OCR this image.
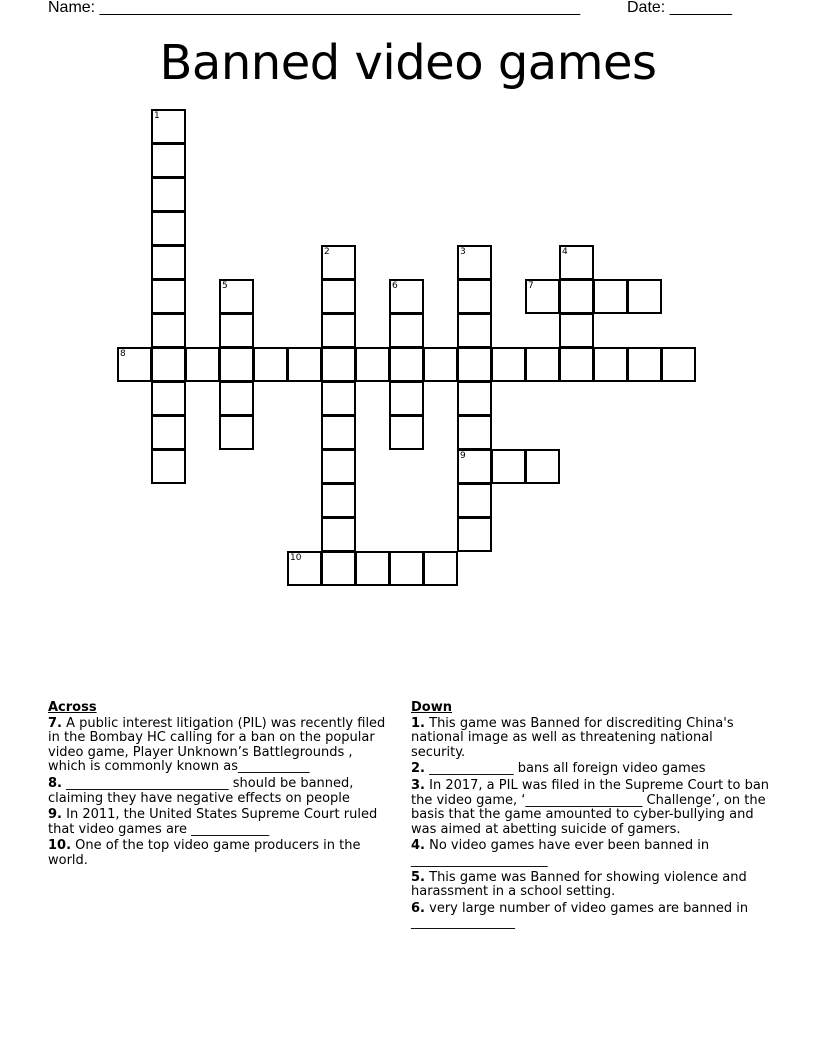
Name: ______________________________________________________	Date: _______
Banned video games
1
5
2
6
3
9
4
7
8
10
Across
7. A public interest litigation (PIL) was recently filed in the Bombay HC calling for a ban on the popular video game, Player Unknown’s Battlegrounds , which is commonly known as___________
8. _________________________ should be banned, claiming they have negative effects on people
9. In 2011, the United States Supreme Court ruled that video games are ____________
10. One of the top video game producers in the world.
Down
1. This game was Banned for discrediting China's national image as well as threatening national security.
2. _____________ bans all foreign video games
3. In 2017, a PIL was filed in the Supreme Court to ban the video game, ‘__________________ Challenge’, on the basis that the game amounted to cyber-bullying and was aimed at abetting suicide of gamers.
4. No video games have ever been banned in _____________________
5. This game was Banned for showing violence and harassment in a school setting.
6. very large number of video games are banned in ________________
